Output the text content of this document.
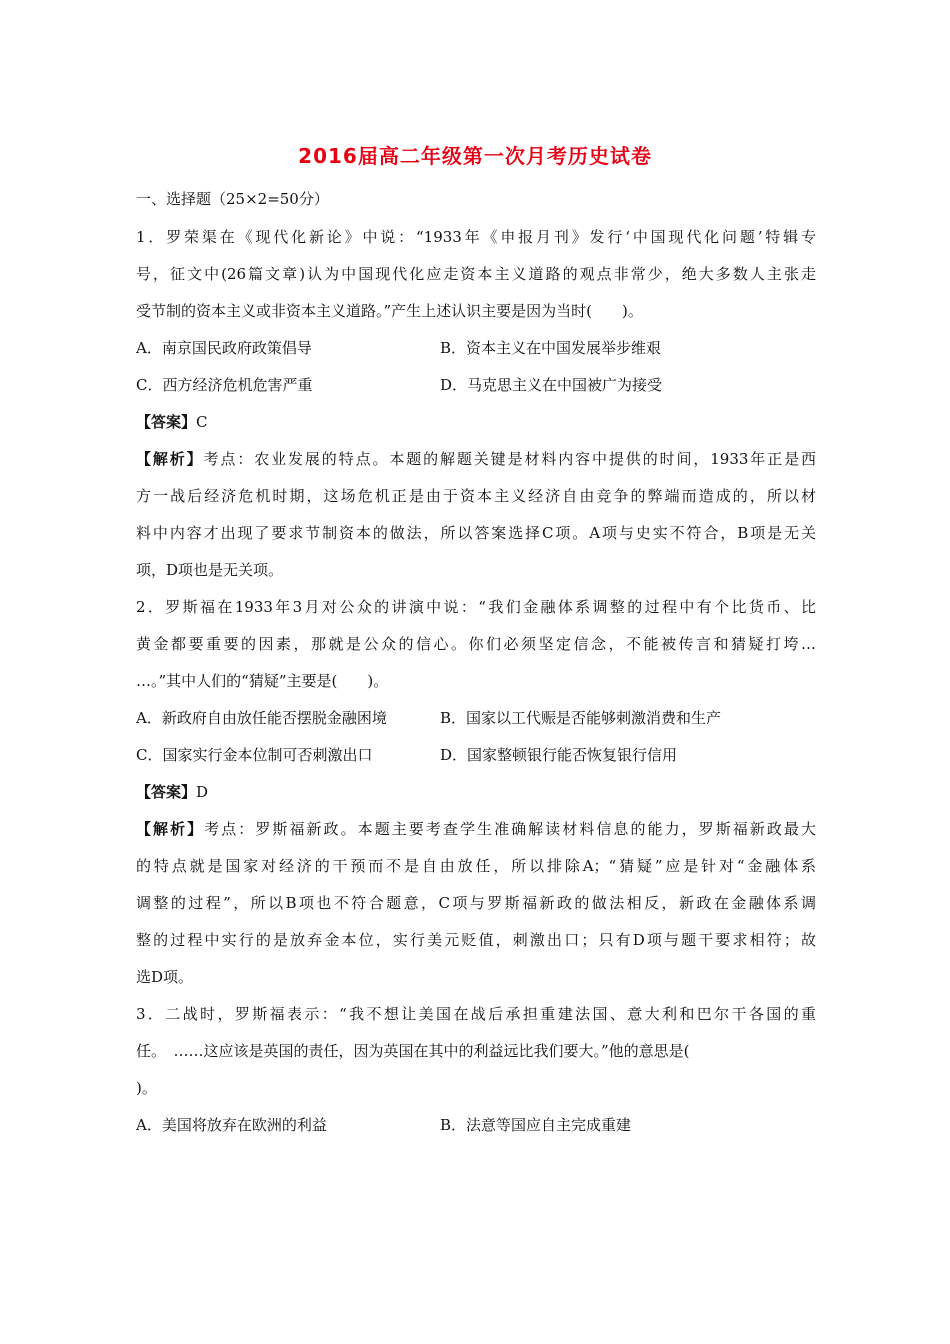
2016届高二年级第一次月考历史试卷
一、选择题（25×2=50分）
1．罗荣渠在《现代化新论》中说：“1933年《申报月刊》发行‘中国现代化问题’特辑专
号，征文中(26篇文章)认为中国现代化应走资本主义道路的观点非常少，绝大多数人主张走
受节制的资本主义或非资本主义道路。”产生上述认识主要是因为当时(　　)。
A．南京国民政府政策倡导	B．资本主义在中国发展举步维艰
C．西方经济危机危害严重	D．马克思主义在中国被广为接受
【答案】C
【解析】考点：农业发展的特点。本题的解题关键是材料内容中提供的时间，1933年正是西
方一战后经济危机时期，这场危机正是由于资本主义经济自由竞争的弊端而造成的，所以材
料中内容才出现了要求节制资本的做法，所以答案选择C项。A项与史实不符合，B项是无关
项，D项也是无关项。
2．罗斯福在1933年3月对公众的讲演中说：“我们金融体系调整的过程中有个比货币、比
黄金都要重要的因素，那就是公众的信心。你们必须坚定信念，不能被传言和猜疑打垮…
…。”其中人们的“猜疑”主要是(　　)。
A．新政府自由放任能否摆脱金融困境	B．国家以工代赈是否能够刺激消费和生产
C．国家实行金本位制可否刺激出口	D．国家整顿银行能否恢复银行信用
【答案】D
【解析】考点：罗斯福新政。本题主要考查学生准确解读材料信息的能力，罗斯福新政最大
的特点就是国家对经济的干预而不是自由放任，所以排除A；“猜疑”应是针对“金融体系
调整的过程”，所以B项也不符合题意，C项与罗斯福新政的做法相反，新政在金融体系调
整的过程中实行的是放弃金本位，实行美元贬值，刺激出口；只有D项与题干要求相符；故
选D项。
3．二战时，罗斯福表示：“我不想让美国在战后承担重建法国、意大利和巴尔干各国的重
任。　……这应该是英国的责任，因为英国在其中的利益远比我们要大。”他的意思是(
)。
A．美国将放弃在欧洲的利益	B．法意等国应自主完成重建
